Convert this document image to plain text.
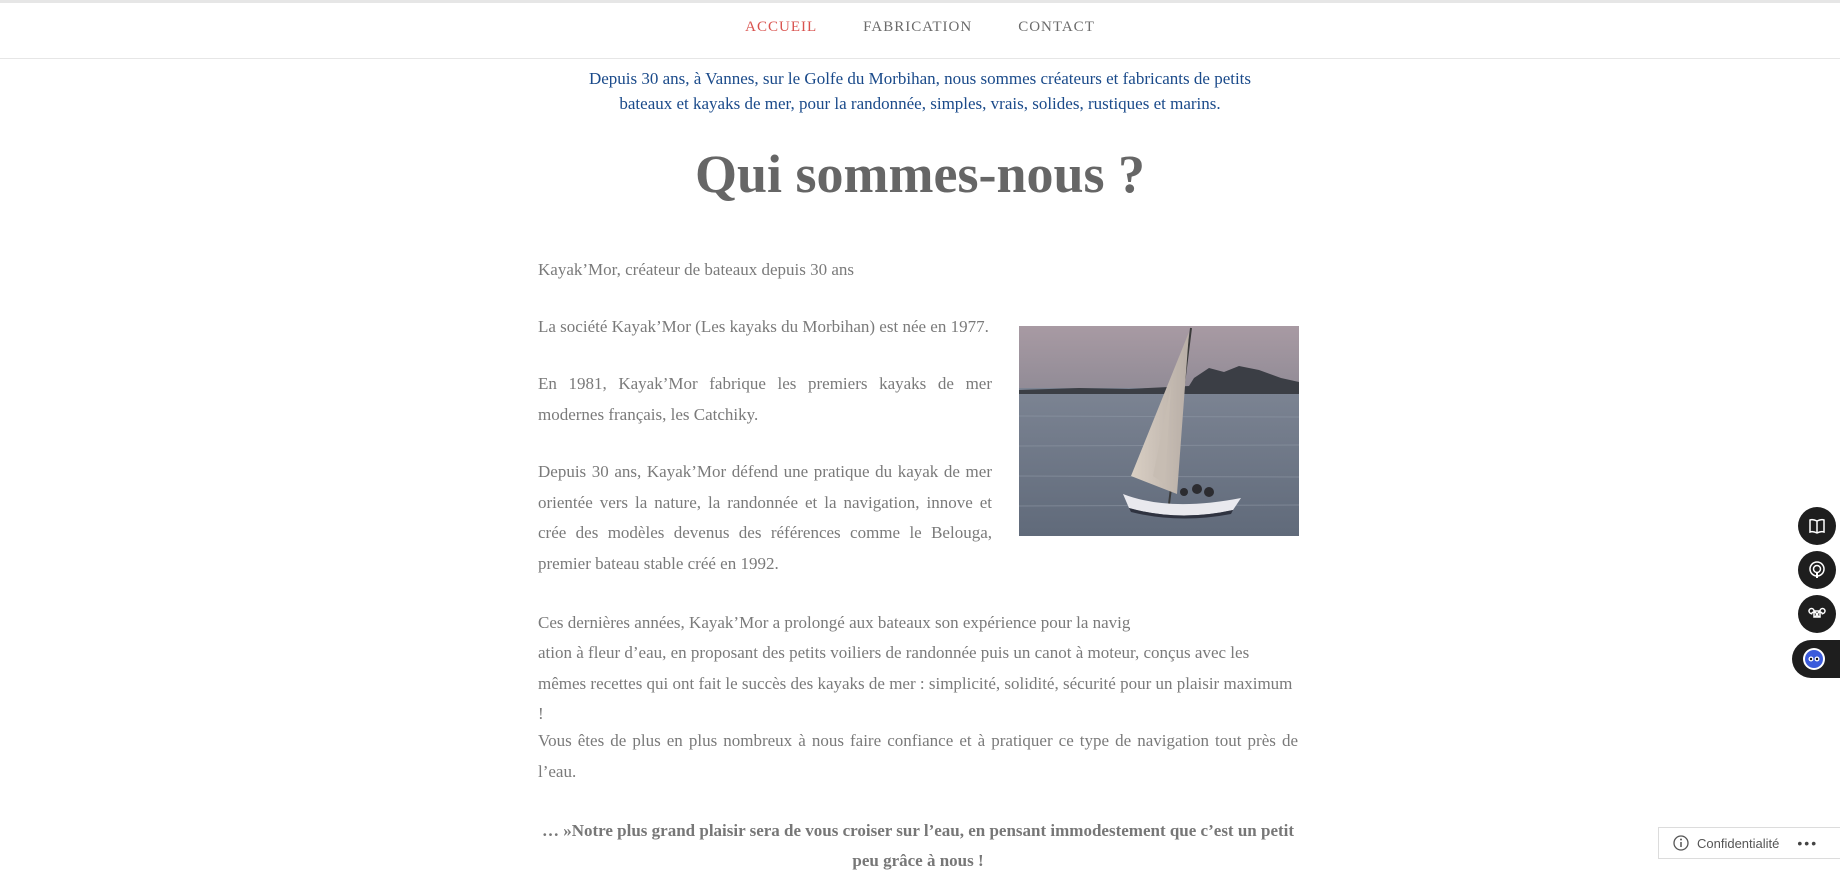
ACCUEIL	FABRICATION	CONTACT
Depuis 30 ans, à Vannes, sur le Golfe du Morbihan, nous sommes créateurs et fabricants de petits
bateaux et kayaks de mer, pour la randonnée, simples, vrais, solides, rustiques et marins.
Qui sommes-nous ?

Kayak’Mor, créateur de bateaux depuis 30 ans

La société Kayak’Mor (Les kayaks du Morbihan) est née en 1977.

En 1981, Kayak’Mor fabrique les premiers kayaks de mer modernes français, les Catchiky.

Depuis 30 ans, Kayak’Mor défend une pratique du kayak de mer orientée vers la nature, la randonnée et la navigation, innove et crée des modèles devenus des références comme le Belouga, premier bateau stable créé en 1992.

Ces dernières années, Kayak’Mor a prolongé aux bateaux son expérience pour la navig

ation à fleur d’eau, en proposant des petits voiliers de randonnée puis un canot à moteur, conçus avec les mêmes recettes qui ont fait le succès des kayaks de mer : simplicité, solidité, sécurité pour un plaisir maximum !

Vous êtes de plus en plus nombreux à nous faire confiance et à pratiquer ce type de navigation tout près de l’eau.

… »Notre plus grand plaisir sera de vous croiser sur l’eau, en pensant immodestement que c’est un petit peu grâce à nous !

Confidentialité •••
